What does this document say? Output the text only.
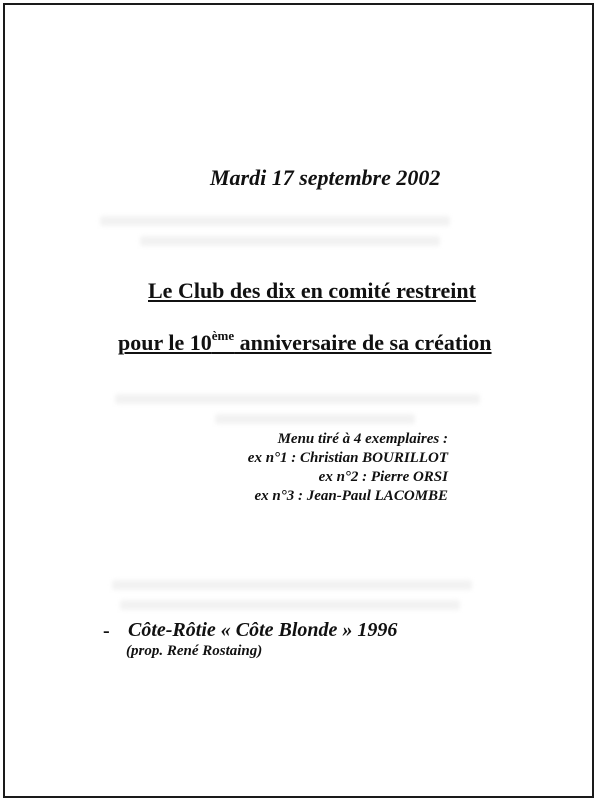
Mardi 17 septembre 2002
Le Club des dix en comité restreint
pour le 10ème anniversaire de sa création
Menu tiré à 4 exemplaires :
ex n°1 : Christian BOURILLOT
ex n°2 : Pierre ORSI
ex n°3 : Jean-Paul LACOMBE
- Côte-Rôtie « Côte Blonde » 1996
(prop. René Rostaing)
